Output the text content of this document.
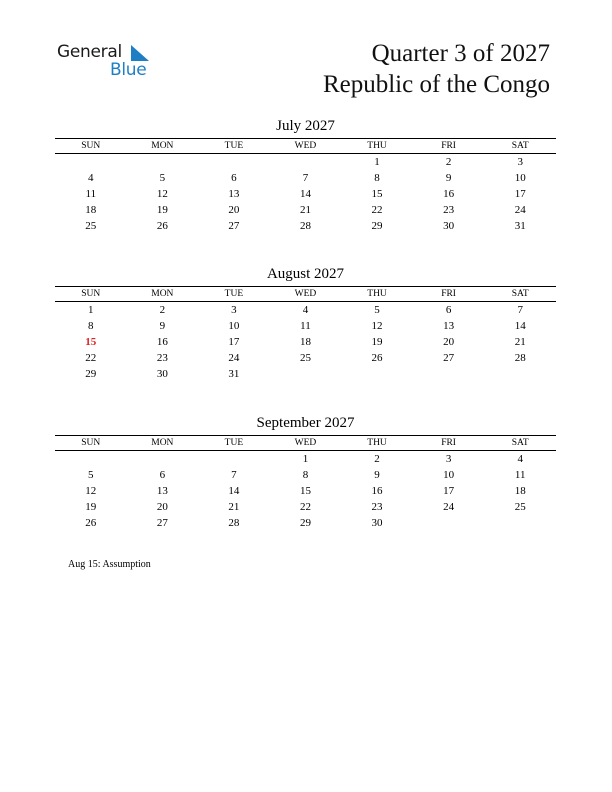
General
Blue
Quarter 3 of 2027
Republic of the Congo
July 2027
SUN	MON	TUE	WED	THU	FRI	SAT
				1	2	3
4	5	6	7	8	9	10
11	12	13	14	15	16	17
18	19	20	21	22	23	24
25	26	27	28	29	30	31
August 2027
SUN	MON	TUE	WED	THU	FRI	SAT
1	2	3	4	5	6	7
8	9	10	11	12	13	14
15	16	17	18	19	20	21
22	23	24	25	26	27	28
29	30	31				
September 2027
SUN	MON	TUE	WED	THU	FRI	SAT
			1	2	3	4
5	6	7	8	9	10	11
12	13	14	15	16	17	18
19	20	21	22	23	24	25
26	27	28	29	30		
Aug 15: Assumption
